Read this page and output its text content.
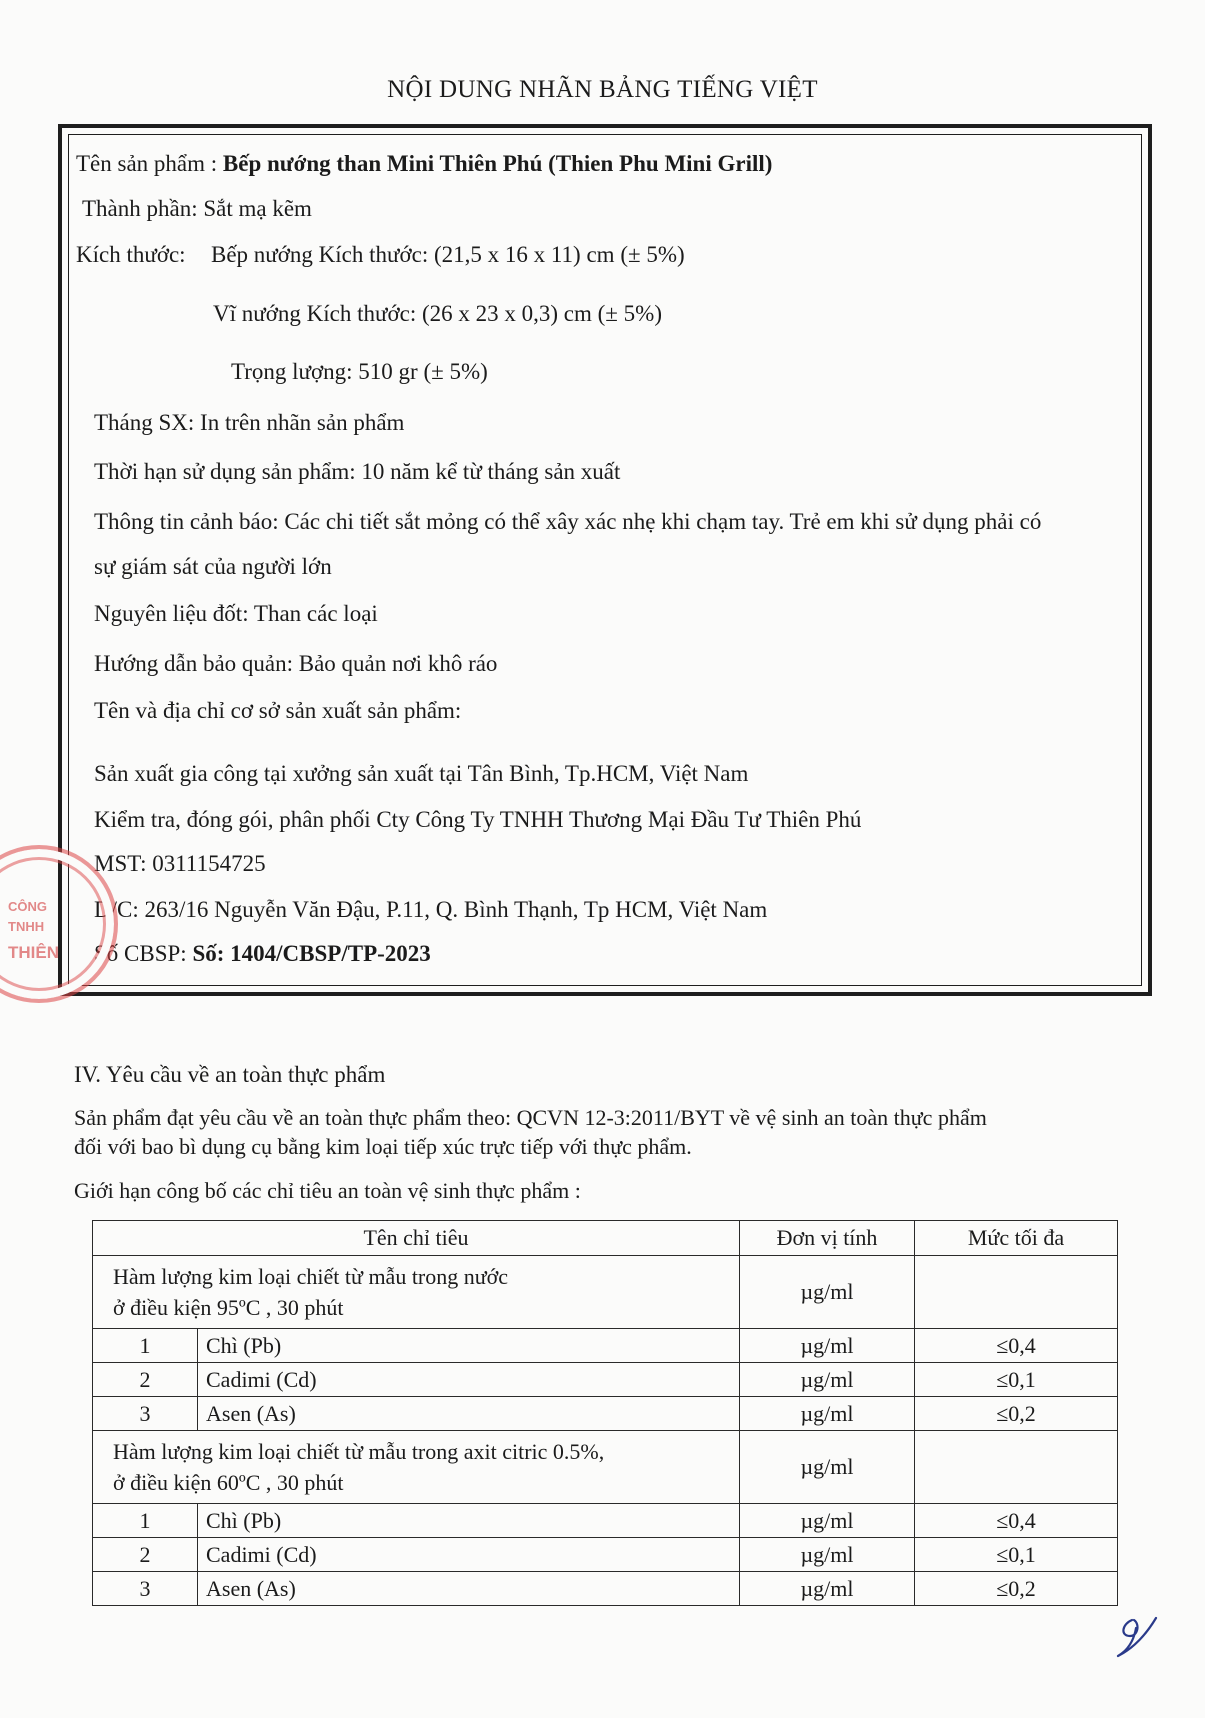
NỘI DUNG NHÃN BẢNG TIẾNG VIỆT
Tên sản phẩm : Bếp nướng than Mini Thiên Phú (Thien Phu Mini Grill)
Thành phần: Sắt mạ kẽm
Kích thước: Bếp nướng Kích thước: (21,5 x 16 x 11) cm (± 5%)
Vĩ nướng Kích thước: (26 x 23 x 0,3) cm (± 5%)
Trọng lượng: 510 gr (± 5%)
Tháng SX: In trên nhãn sản phẩm
Thời hạn sử dụng sản phẩm: 10 năm kể từ tháng sản xuất
Thông tin cảnh báo: Các chi tiết sắt mỏng có thể xây xác nhẹ khi chạm tay. Trẻ em khi sử dụng phải có
sự giám sát của người lớn
Nguyên liệu đốt: Than các loại
Hướng dẫn bảo quản: Bảo quản nơi khô ráo
Tên và địa chỉ cơ sở sản xuất sản phẩm:
Sản xuất gia công tại xưởng sản xuất tại Tân Bình, Tp.HCM, Việt Nam
Kiểm tra, đóng gói, phân phối Cty Công Ty TNHH Thương Mại Đầu Tư Thiên Phú
MST: 0311154725
D/C: 263/16 Nguyễn Văn Đậu, P.11, Q. Bình Thạnh, Tp HCM, Việt Nam
Số CBSP: Số: 1404/CBSP/TP-2023
CÔNG
TNHH
THIÊN
IV. Yêu cầu về an toàn thực phẩm
Sản phẩm đạt yêu cầu về an toàn thực phẩm theo: QCVN 12-3:2011/BYT về vệ sinh an toàn thực phẩm
đối với bao bì dụng cụ bằng kim loại tiếp xúc trực tiếp với thực phẩm.
Giới hạn công bố các chỉ tiêu an toàn vệ sinh thực phẩm :
Tên chỉ tiêu		Đơn vị tính	Mức tối đa

Hàm lượng kim loại chiết từ mẫu trong nước
ở điều kiện 95ºC , 30 phút		µg/ml	
1	Chì (Pb)	µg/ml	≤0,4
2	Cadimi (Cd)	µg/ml	≤0,1
3	Asen (As)	µg/ml	≤0,2

Hàm lượng kim loại chiết từ mẫu trong axit citric 0.5%,
ở điều kiện 60ºC , 30 phút		µg/ml	
1	Chì (Pb)	µg/ml	≤0,4
2	Cadimi (Cd)	µg/ml	≤0,1
3	Asen (As)	µg/ml	≤0,2
